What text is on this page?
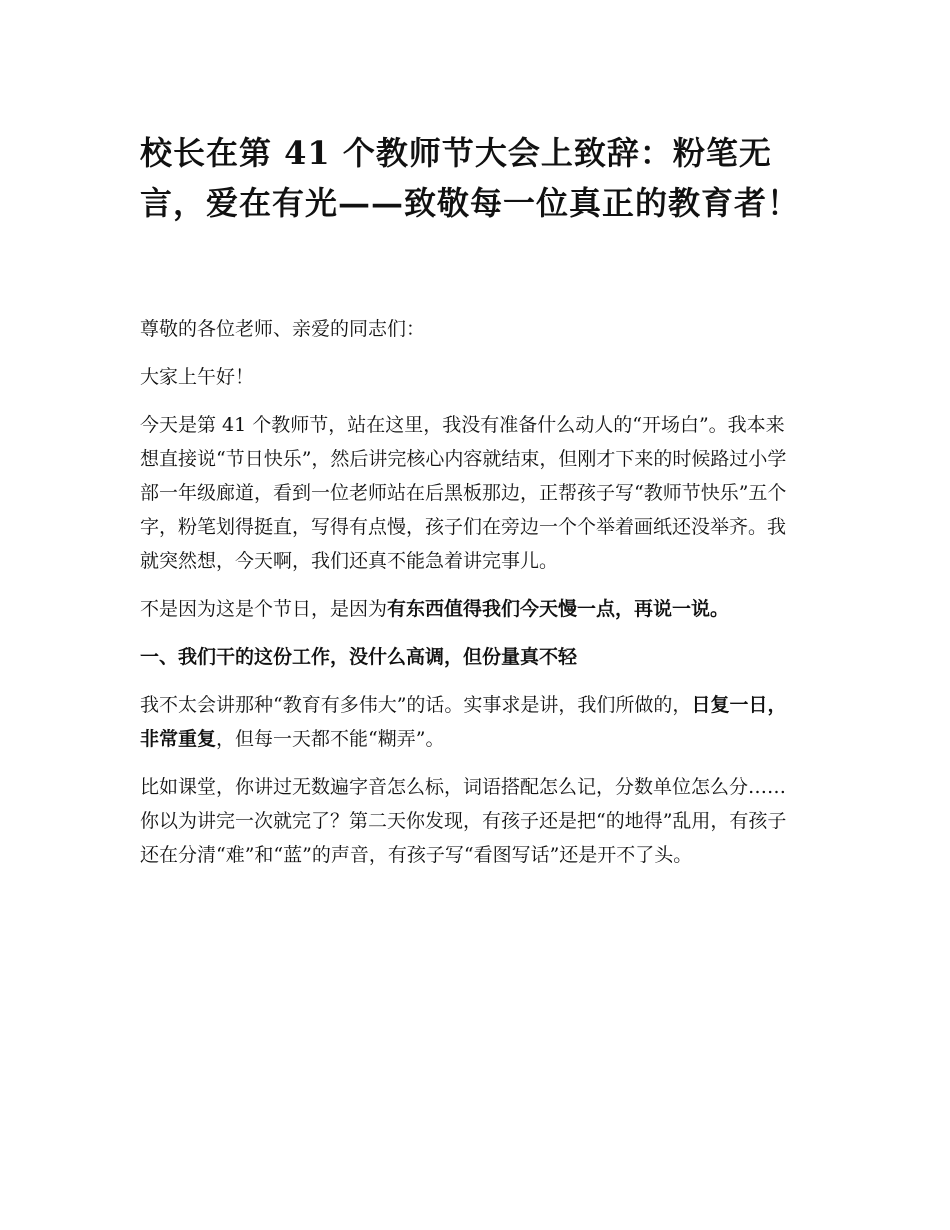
校长在第 41 个教师节大会上致辞：粉笔无言，爱在有光——致敬每一位真正的教育者！

尊敬的各位老师、亲爱的同志们：

大家上午好！

今天是第 41 个教师节，站在这里，我没有准备什么动人的“开场白”。我本来想直接说“节日快乐”，然后讲完核心内容就结束，但刚才下来的时候路过小学部一年级廊道，看到一位老师站在后黑板那边，正帮孩子写“教师节快乐”五个字，粉笔划得挺直，写得有点慢，孩子们在旁边一个个举着画纸还没举齐。我就突然想，今天啊，我们还真不能急着讲完事儿。

不是因为这是个节日，是因为有东西值得我们今天慢一点，再说一说。

一、我们干的这份工作，没什么高调，但份量真不轻

我不太会讲那种“教育有多伟大”的话。实事求是讲，我们所做的，日复一日，非常重复，但每一天都不能“糊弄”。

比如课堂，你讲过无数遍字音怎么标，词语搭配怎么记，分数单位怎么分……你以为讲完一次就完了？第二天你发现，有孩子还是把“的地得”乱用，有孩子还在分清“难”和“蓝”的声音，有孩子写“看图写话”还是开不了头。
